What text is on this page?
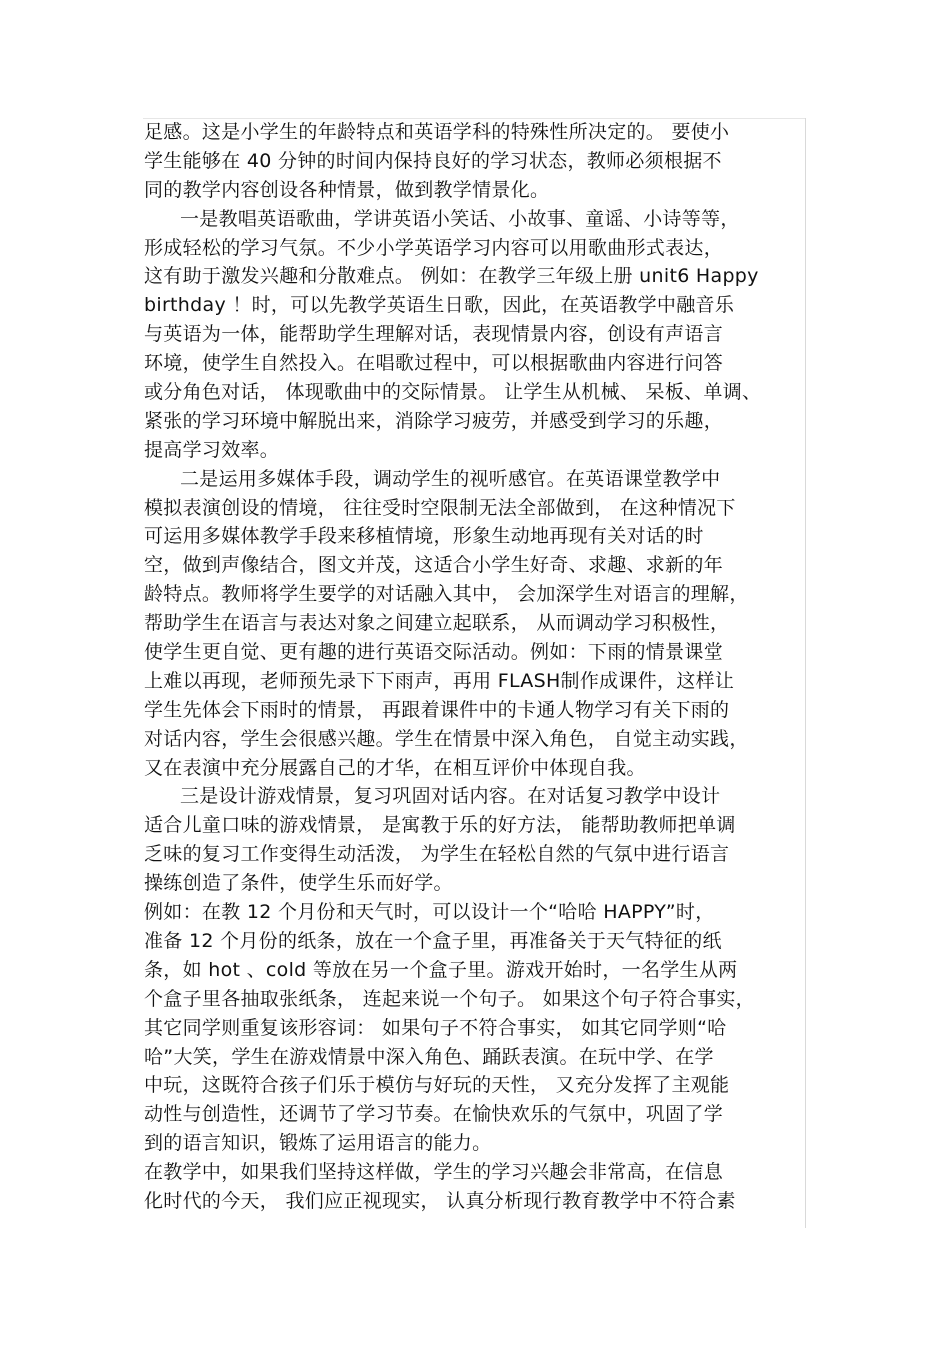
足感。这是小学生的年龄特点和英语学科的特殊性所决定的。 要使小
学生能够在 40 分钟的时间内保持良好的学习状态，教师必须根据不
同的教学内容创设各种情景，做到教学情景化。
一是教唱英语歌曲，学讲英语小笑话、小故事、童谣、小诗等等，
形成轻松的学习气氛。不少小学英语学习内容可以用歌曲形式表达，
这有助于激发兴趣和分散难点。 例如：在教学三年级上册 unit6 Happy
birthday ！时，可以先教学英语生日歌，因此，在英语教学中融音乐
与英语为一体，能帮助学生理解对话，表现情景内容，创设有声语言
环境，使学生自然投入。在唱歌过程中，可以根据歌曲内容进行问答
或分角色对话， 体现歌曲中的交际情景。 让学生从机械、 呆板、单调、
紧张的学习环境中解脱出来，消除学习疲劳，并感受到学习的乐趣，
提高学习效率。
二是运用多媒体手段，调动学生的视听感官。在英语课堂教学中
模拟表演创设的情境， 往往受时空限制无法全部做到， 在这种情况下
可运用多媒体教学手段来移植情境，形象生动地再现有关对话的时
空，做到声像结合，图文并茂，这适合小学生好奇、求趣、求新的年
龄特点。教师将学生要学的对话融入其中， 会加深学生对语言的理解，
帮助学生在语言与表达对象之间建立起联系， 从而调动学习积极性，
使学生更自觉、更有趣的进行英语交际活动。例如：下雨的情景课堂
上难以再现，老师预先录下下雨声，再用 FLASH制作成课件，这样让
学生先体会下雨时的情景， 再跟着课件中的卡通人物学习有关下雨的
对话内容，学生会很感兴趣。学生在情景中深入角色， 自觉主动实践，
又在表演中充分展露自己的才华，在相互评价中体现自我。
三是设计游戏情景，复习巩固对话内容。在对话复习教学中设计
适合儿童口味的游戏情景， 是寓教于乐的好方法， 能帮助教师把单调
乏味的复习工作变得生动活泼， 为学生在轻松自然的气氛中进行语言
操练创造了条件，使学生乐而好学。
例如：在教 12 个月份和天气时，可以设计一个“哈哈 HAPPY”时，
准备 12 个月份的纸条，放在一个盒子里，再准备关于天气特征的纸
条，如 hot 、cold 等放在另一个盒子里。游戏开始时，一名学生从两
个盒子里各抽取张纸条， 连起来说一个句子。 如果这个句子符合事实，
其它同学则重复该形容词： 如果句子不符合事实， 如其它同学则“哈
哈”大笑，学生在游戏情景中深入角色、踊跃表演。在玩中学、在学
中玩，这既符合孩子们乐于模仿与好玩的天性， 又充分发挥了主观能
动性与创造性，还调节了学习节奏。在愉快欢乐的气氛中，巩固了学
到的语言知识，锻炼了运用语言的能力。
在教学中，如果我们坚持这样做，学生的学习兴趣会非常高，在信息
化时代的今天， 我们应正视现实， 认真分析现行教育教学中不符合素
